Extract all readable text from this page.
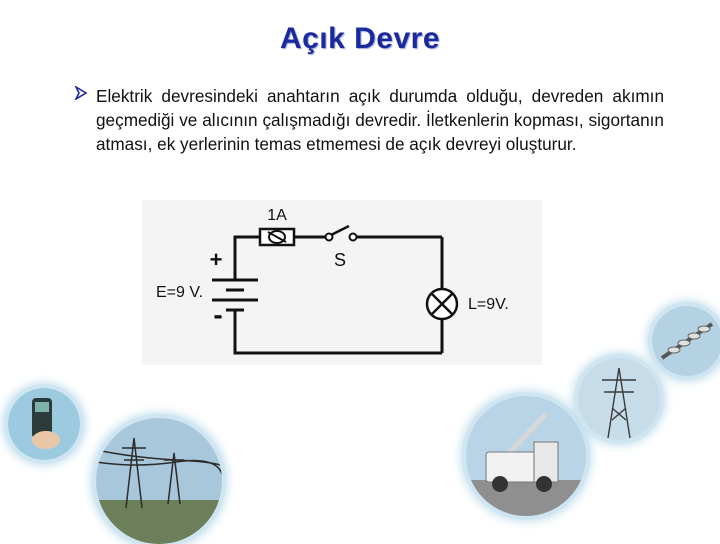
Açık Devre
Elektrik devresindeki anahtarın açık durumda olduğu, devreden akımın geçmediği ve alıcının çalışmadığı devredir. İletkenlerin kopması, sigortanın atması, ek yerlerinin temas etmemesi de açık devreyi oluşturur.
1A
S
+
-
E=9 V.
L=9V.
